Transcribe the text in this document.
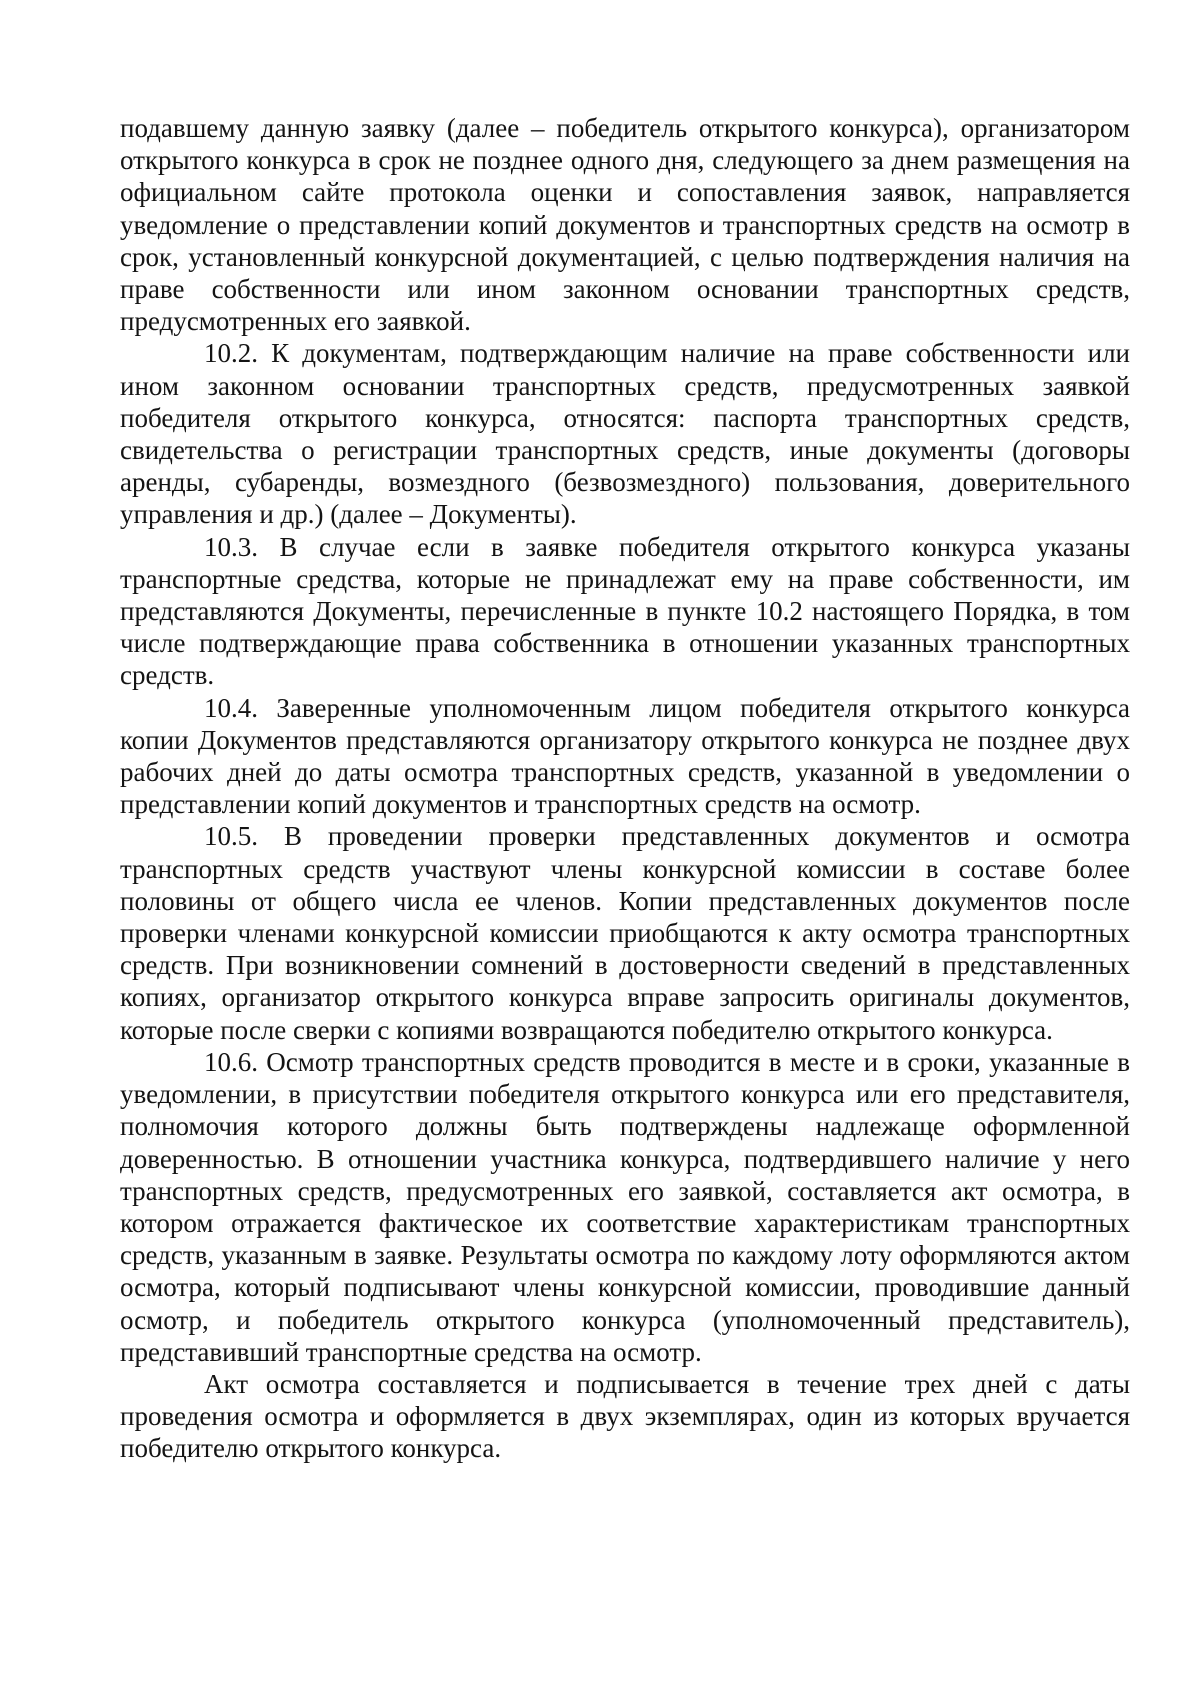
подавшему данную заявку (далее – победитель открытого конкурса), организатором открытого конкурса в срок не позднее одного дня, следующего за днем размещения на официальном сайте протокола оценки и сопоставления заявок, направляется уведомление о представлении копий документов и транспортных средств на осмотр в срок, установленный конкурсной документацией, с целью подтверждения наличия на праве собственности или ином законном основании транспортных средств, предусмотренных его заявкой.

10.2. К документам, подтверждающим наличие на праве собственности или ином законном основании транспортных средств, предусмотренных заявкой победителя открытого конкурса, относятся: паспорта транспортных средств, свидетельства о регистрации транспортных средств, иные документы (договоры аренды, субаренды, возмездного (безвозмездного) пользования, доверительного управления и др.) (далее – Документы).

10.3. В случае если в заявке победителя открытого конкурса указаны транспортные средства, которые не принадлежат ему на праве собственности, им представляются Документы, перечисленные в пункте 10.2 настоящего Порядка, в том числе подтверждающие права собственника в отношении указанных транспортных средств.

10.4. Заверенные уполномоченным лицом победителя открытого конкурса копии Документов представляются организатору открытого конкурса не позднее двух рабочих дней до даты осмотра транспортных средств, указанной в уведомлении о представлении копий документов и транспортных средств на осмотр.

10.5. В проведении проверки представленных документов и осмотра транспортных средств участвуют члены конкурсной комиссии в составе более половины от общего числа ее членов. Копии представленных документов после проверки членами конкурсной комиссии приобщаются к акту осмотра транспортных средств. При возникновении сомнений в достоверности сведений в представленных копиях, организатор открытого конкурса вправе запросить оригиналы документов, которые после сверки с копиями возвращаются победителю открытого конкурса.

10.6. Осмотр транспортных средств проводится в месте и в сроки, указанные в уведомлении, в присутствии победителя открытого конкурса или его представителя, полномочия которого должны быть подтверждены надлежаще оформленной доверенностью. В отношении участника конкурса, подтвердившего наличие у него транспортных средств, предусмотренных его заявкой, составляется акт осмотра, в котором отражается фактическое их соответствие характеристикам транспортных средств, указанным в заявке. Результаты осмотра по каждому лоту оформляются актом осмотра, который подписывают члены конкурсной комиссии, проводившие данный осмотр, и победитель открытого конкурса (уполномоченный представитель), представивший транспортные средства на осмотр.

Акт осмотра составляется и подписывается в течение трех дней с даты проведения осмотра и оформляется в двух экземплярах, один из которых вручается победителю открытого конкурса.
